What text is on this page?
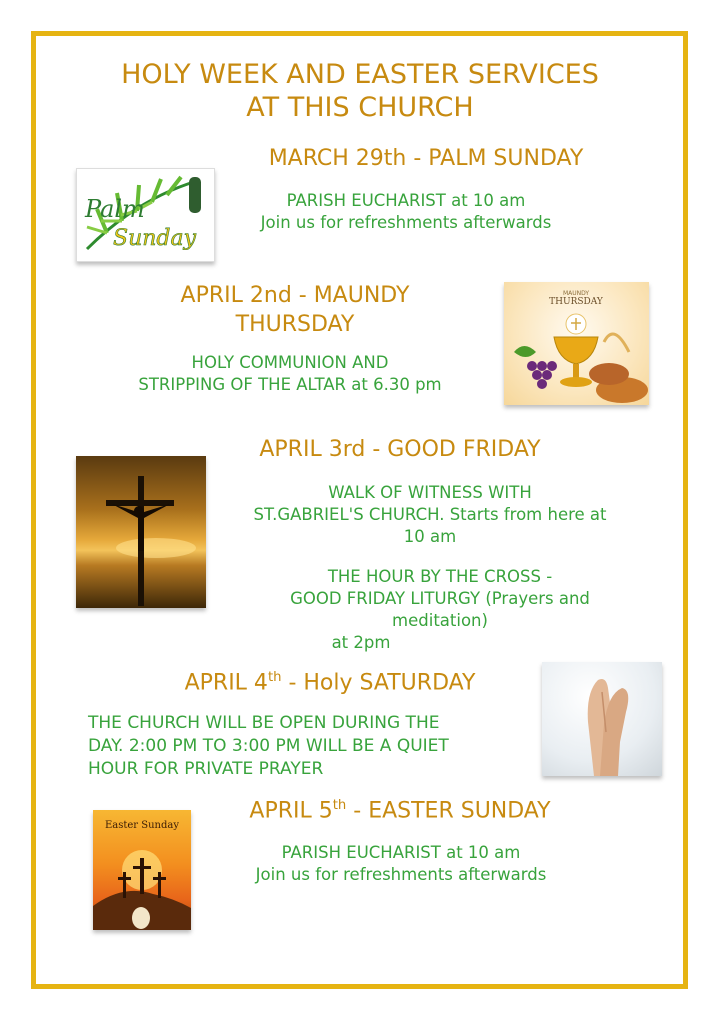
HOLY WEEK AND EASTER SERVICES
AT THIS CHURCH
MARCH 29th - PALM SUNDAY
Palm
Sunday
PARISH EUCHARIST at 10 am
Join us for refreshments afterwards
APRIL 2nd - MAUNDY
THURSDAY
HOLY COMMUNION AND
STRIPPING OF THE ALTAR at 6.30 pm
MAUNDY
THURSDAY
APRIL 3rd - GOOD FRIDAY
WALK OF WITNESS WITH
ST.GABRIEL'S CHURCH. Starts from here at
10 am
THE HOUR BY THE CROSS -
GOOD FRIDAY LITURGY (Prayers and
meditation)
at 2pm
APRIL 4th - Holy SATURDAY
THE CHURCH WILL BE OPEN DURING THE
DAY. 2:00 PM TO 3:00 PM WILL BE A QUIET
HOUR FOR PRIVATE PRAYER
APRIL 5th - EASTER SUNDAY
Easter Sunday
PARISH EUCHARIST at 10 am
Join us for refreshments afterwards
